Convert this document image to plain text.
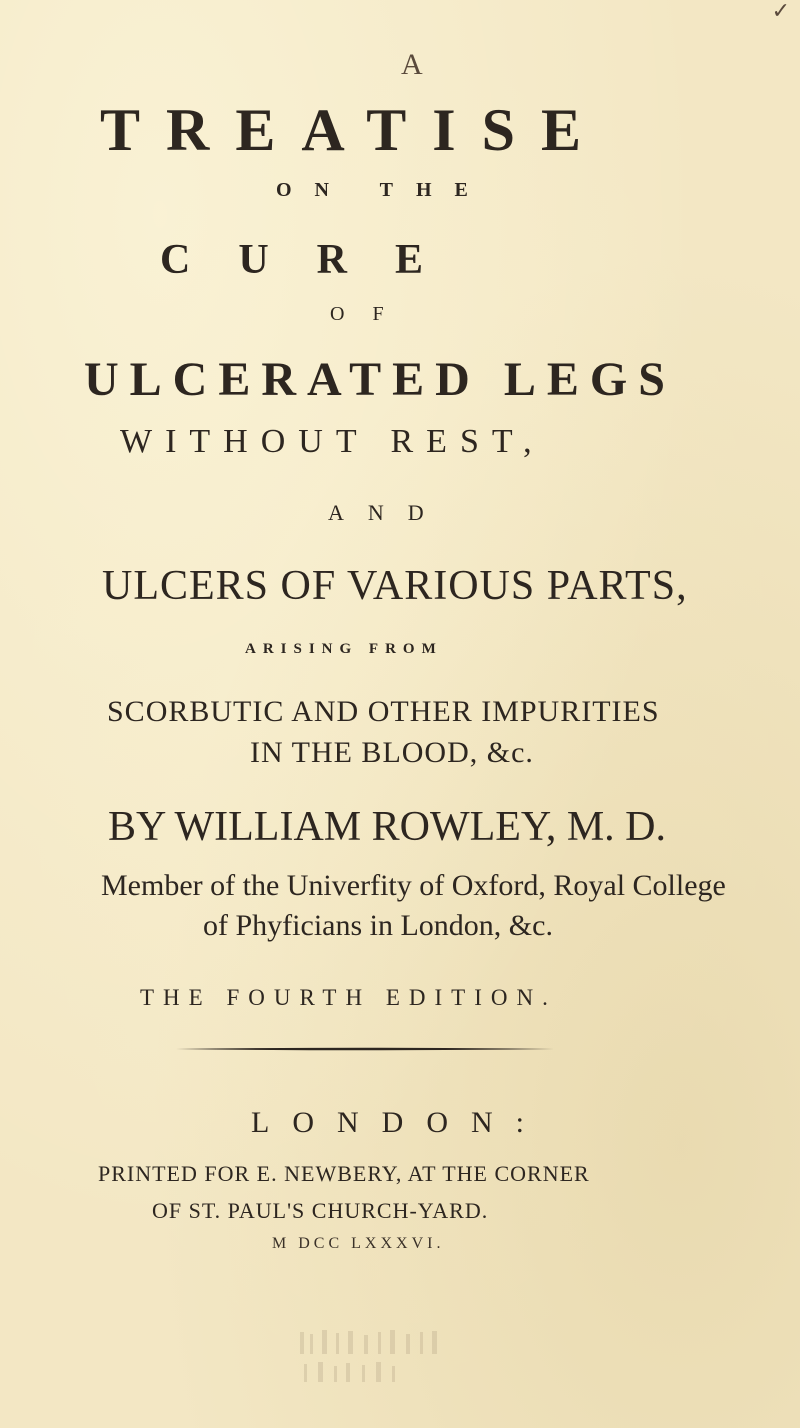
✓
A
TREATISE
ON THE
CURE
OF
ULCERATED LEGS
WITHOUT REST,
AND
ULCERS OF VARIOUS PARTS,
ARISING FROM
SCORBUTIC AND OTHER IMPURITIES
IN THE BLOOD, &c.
BY WILLIAM ROWLEY, M. D.
Member of the Univerfity of Oxford, Royal College
of Phyficians in London, &c.
THE FOURTH EDITION.
LONDON:
PRINTED FOR E. NEWBERY, AT THE CORNER
OF ST. PAUL'S CHURCH-YARD.
M DCC LXXXVI.
